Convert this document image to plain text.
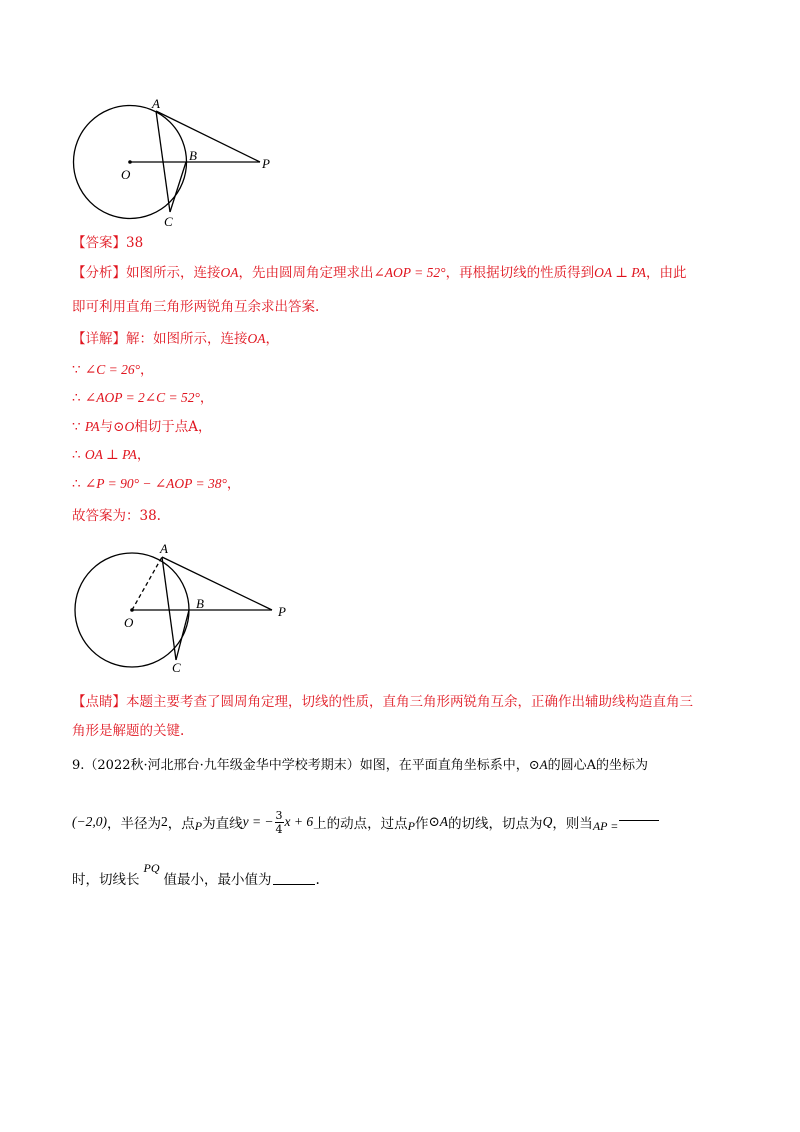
A
B
C
O
P
【答案】38
【分析】如图所示，连接OA，先由圆周角定理求出∠AOP = 52°，再根据切线的性质得到OA ⊥ PA，由此
即可利用直角三角形两锐角互余求出答案.
【详解】解：如图所示，连接OA，
∵ ∠C = 26°，
∴ ∠AOP = 2∠C = 52°，
∵ PA与⊙O相切于点A，
∴ OA ⊥ PA，
∴ ∠P = 90° − ∠AOP = 38°，
故答案为：38.
A
B
C
O
P
【点睛】本题主要考查了圆周角定理，切线的性质，直角三角形两锐角互余，正确作出辅助线构造直角三
角形是解题的关键.
9.（2022秋·河北邢台·九年级金华中学校考期末）如图，在平面直角坐标系中，⊙A的圆心A的坐标为
(−2,0) ，半径为 2 ，点 P 为直线 y = − $\frac{3}{4}$ x + 6 上的动点，过点 P 作 ⊙A 的切线，切点为 Q ，则当 AP =
时，切线长
PQ
值最小，最小值为	.
